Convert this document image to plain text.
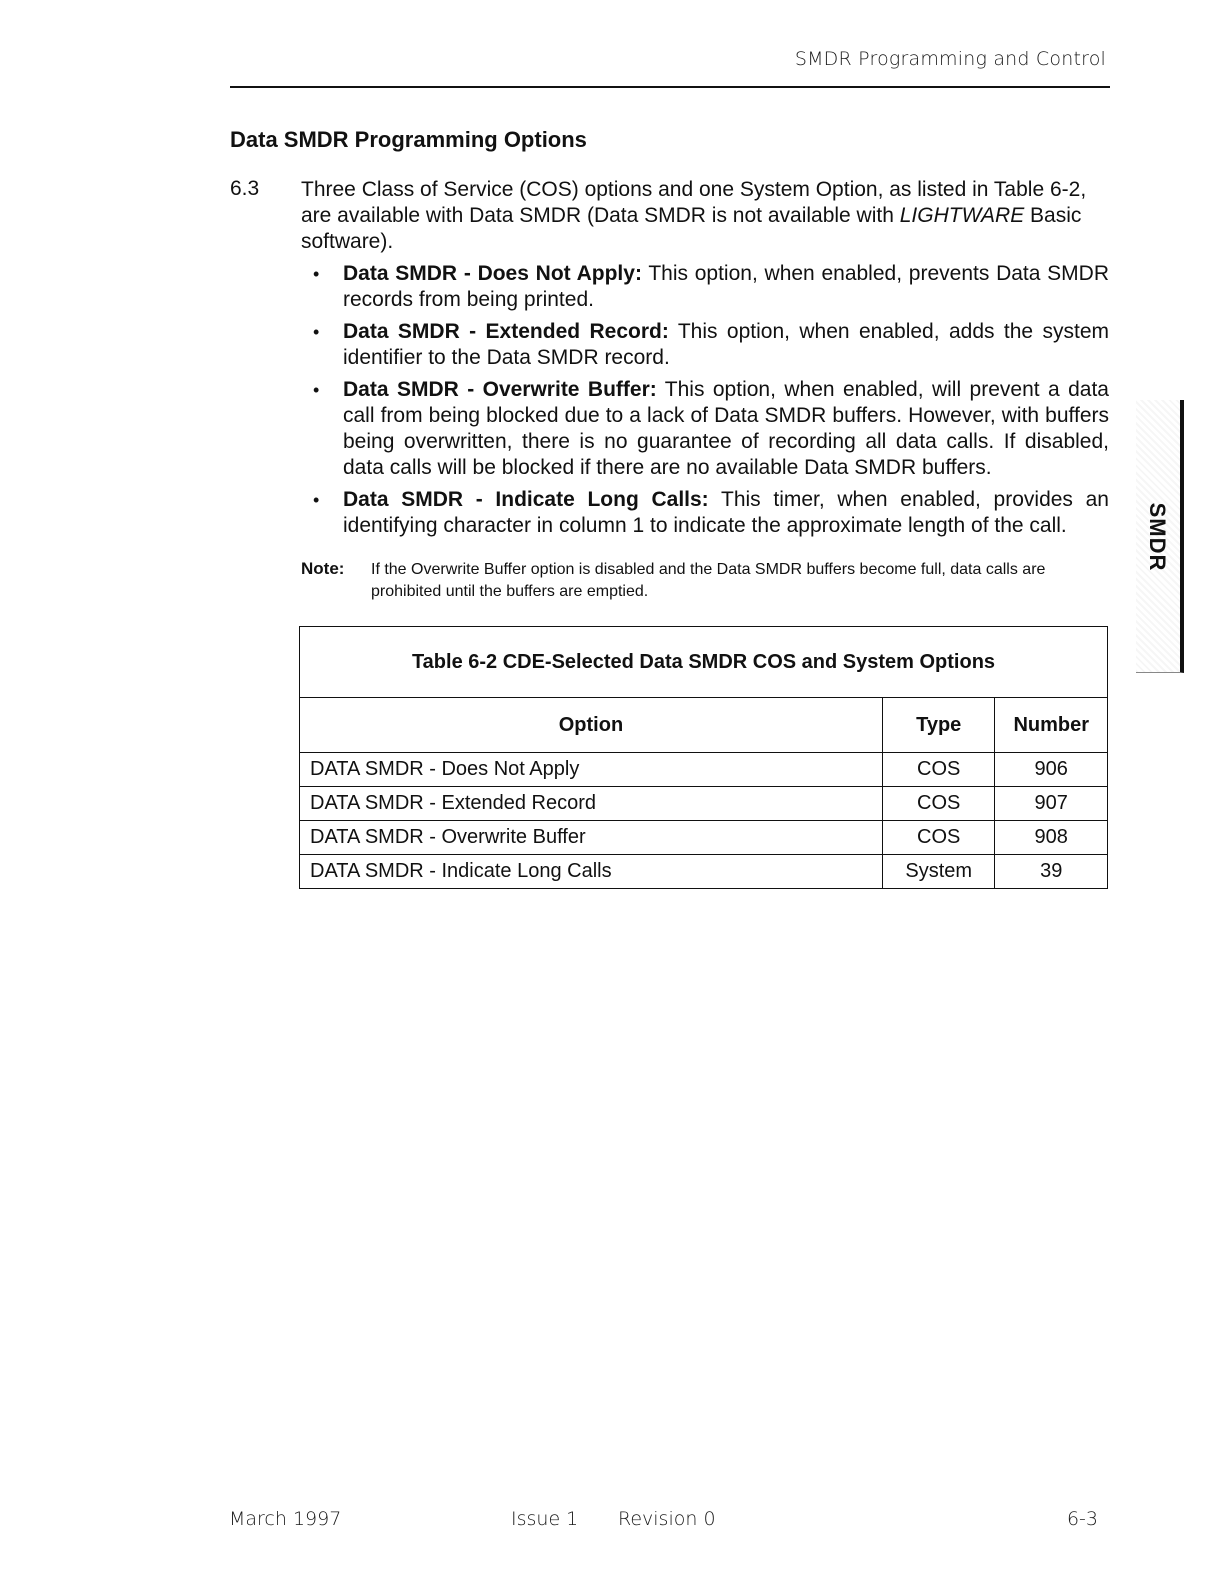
SMDR Programming and Control
Data SMDR Programming Options
6.3 Three Class of Service (COS) options and one System Option, as listed in Table 6-2, are available with Data SMDR (Data SMDR is not available with LIGHTWARE Basic software).

• Data SMDR - Does Not Apply: This option, when enabled, prevents Data SMDR records from being printed.
• Data SMDR - Extended Record: This option, when enabled, adds the system identifier to the Data SMDR record.
• Data SMDR - Overwrite Buffer: This option, when enabled, will prevent a data call from being blocked due to a lack of Data SMDR buffers. However, with buffers being overwritten, there is no guarantee of recording all data calls. If disabled, data calls will be blocked if there are no available Data SMDR buffers.
• Data SMDR - Indicate Long Calls: This timer, when enabled, provides an identifying character in column 1 to indicate the approximate length of the call.
Note: If the Overwrite Buffer option is disabled and the Data SMDR buffers become full, data calls are prohibited until the buffers are emptied.

Table 6-2 CDE-Selected Data SMDR COS and System Options		
Option	Type	Number
DATA SMDR - Does Not Apply	COS	906
DATA SMDR - Extended Record	COS	907
DATA SMDR - Overwrite Buffer	COS	908
DATA SMDR - Indicate Long Calls	System	39
SMDR
March 1997	Issue 1 Revision 0	6-3
